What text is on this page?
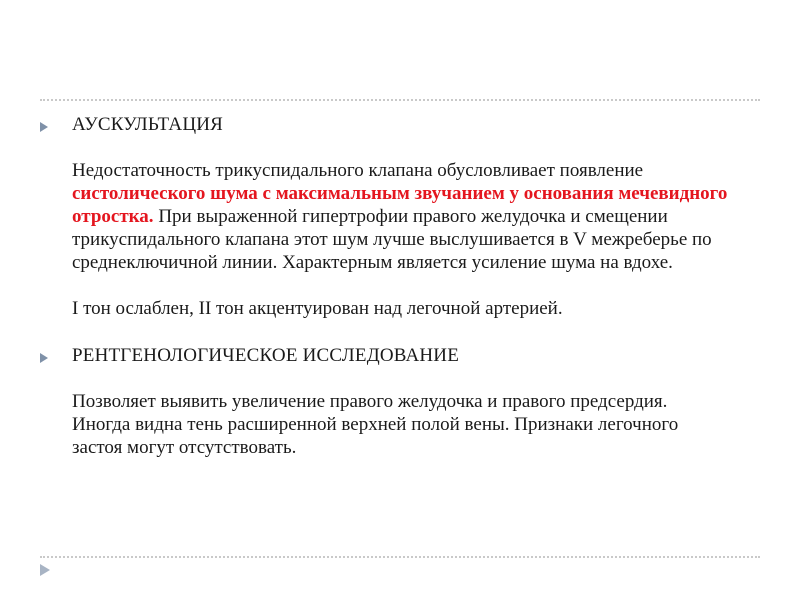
АУСКУЛЬТАЦИЯ

Недостаточность трикуспидального клапана обусловливает появление систолического шума с максимальным звучанием у основания мечевидного отростка. При выраженной гипертрофии правого желудочка и смещении трикуспидального клапана этот шум лучше выслушивается в V межреберье по среднеключичной линии. Характерным является усиление шума на вдохе.

I тон ослаблен, II тон акцентуирован над легочной артерией.

РЕНТГЕНОЛОГИЧЕСКОЕ ИССЛЕДОВАНИЕ

Позволяет выявить увеличение правого желудочка и правого предсердия. Иногда видна тень расширенной верхней полой вены. Признаки легочного застоя могут отсутствовать.
